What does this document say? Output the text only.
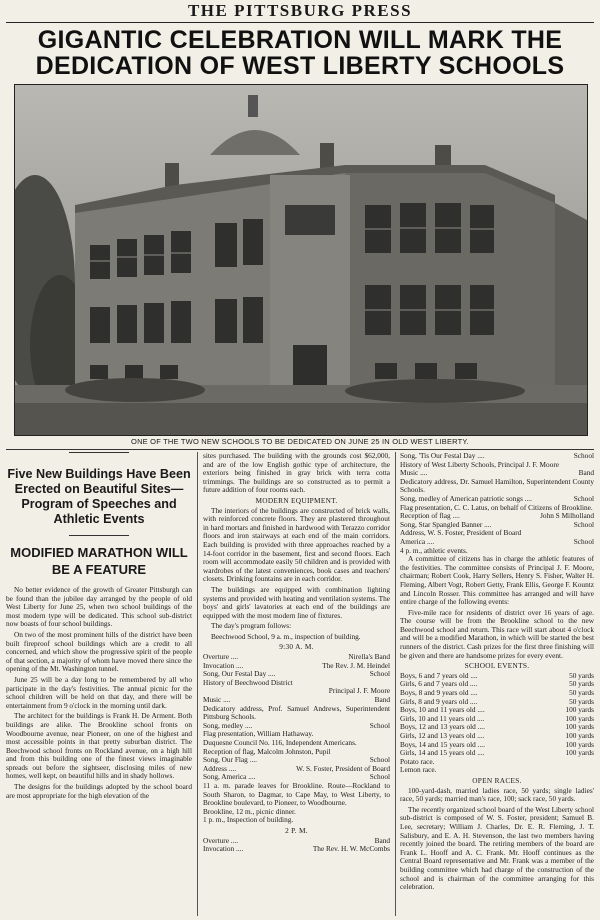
THE PITTSBURG PRESS
GIGANTIC CELEBRATION WILL MARK THE
DEDICATION OF WEST LIBERTY SCHOOLS
ONE OF THE TWO NEW SCHOOLS TO BE DEDICATED ON JUNE 25 IN OLD WEST LIBERTY.
Five New Buildings Have Been Erected on Beautiful Sites—Program of Speeches and Athletic Events
MODIFIED MARATHON WILL BE A FEATURE

No better evidence of the growth of Greater Pittsburgh can be found than the jubilee day arranged by the people of old West Liberty for June 25, when two school buildings of the most modern type will be dedicated. This school sub-district now boasts of four school buildings.

On two of the most prominent hills of the district have been built fireproof school buildings which are a credit to all concerned, and which show the progressive spirit of the people of that section, a majority of whom have moved there since the opening of the Mt. Washington tunnel.

June 25 will be a day long to be remembered by all who participate in the day's festivities. The annual picnic for the school children will be held on that day, and there will be entertainment from 9 o'clock in the morning until dark.

The architect for the buildings is Frank H. De Arment. Both buildings are alike. The Brookline school fronts on Woodbourne avenue, near Pioneer, on one of the highest and most accessible points in that pretty suburban district. The Beechwood school fronts on Rockland avenue, on a high hill and from this building one of the finest views imaginable spreads out before the sightseer, disclosing miles of new homes, well kept, on beautiful hills and in shady hollows.

The designs for the buildings adopted by the school board are most appropriate for the high elevation of the

sites purchased. The building with the grounds cost $62,000, and are of the low English gothic type of architecture, the exteriors being finished in gray brick with terra cotta trimmings. The buildings are so constructed as to permit a future addition of four rooms each.

MODERN EQUIPMENT.

The interiors of the buildings are constructed of brick walls, with reinforced concrete floors. They are plastered throughout in hard mortars and finished in hardwood with Terazzo corridor floors and iron stairways at each end of the main corridors. Each building is provided with three approaches reached by a 14-foot corridor in the basement, first and second floors. Each room will accommodate easily 50 children and is provided with wardrobes of the latest conveniences, book cases and teachers' closets. Drinking fountains are in each corridor.

The buildings are equipped with combination lighting systems and provided with heating and ventilation systems. The boys' and girls' lavatories at each end of the buildings are equipped with the most modern line of fixtures.

The day's program follows:

Beechwood School, 9 a. m., inspection of building.

9:30 A. M.
Overture ....	Nirella's Band
Invocation ....	The Rev. J. M. Heindel
Song, Our Festal Day ....	School
History of Beechwood District
Principal J. F. Moore
Music ....	Band
Dedicatory address, Prof. Samuel Andrews, Superintendent Pittsburg Schools.
Song, medley ....	School
Flag presentation, William Hathaway.
Duquesne Council No. 116, Independent Americans.
Reception of flag, Malcolm Johnston, Pupil
Song, Our Flag ....	School
Address ....	W. S. Foster, President of Board
Song, America ....	School
11 a. m. parade leaves for Brookline. Route—Rockland to South Sharon, to Dagmar, to Cape May, to West Liberty, to Brookline boulevard, to Pioneer, to Woodbourne.
Brookline, 12 m., picnic dinner.
1 p. m., Inspection of building.
2 P. M.
Overture ....	Band
Invocation ....	The Rev. H. W. McCombs
Song, 'Tis Our Festal Day ....	School
History of West Liberty Schools, Principal J. F. Moore
Music ....	Band
Dedicatory address, Dr. Samuel Hamilton, Superintendent County Schools.
Song, medley of American patriotic songs ....	School
Flag presentation, C. C. Latus, on behalf of Citizens of Brookline.
Reception of flag ....	John S Milholland
Song, Star Spangled Banner ....	School
Address, W. S. Foster, President of Board
America ....	School
4 p. m., athletic events.

A committee of citizens has in charge the athletic features of the festivities. The committee consists of Principal J. F. Moore, chairman; Robert Cook, Harry Sellers, Henry S. Fisher, Walter H. Fleming, Albert Vogt, Robert Getty, Frank Ellis, George F. Kountz and Lincoln Rosser. This committee has arranged and will have entire charge of the following events:

Five-mile race for residents of district over 16 years of age. The course will be from the Brookline school to the new Beechwood school and return. This race will start about 4 o'clock and will be a modified Marathon, in which will be started the best runners of the district. Cash prizes for the first three finishing will be given and there are handsome prizes for every event.

SCHOOL EVENTS.
Boys, 6 and 7 years old ....	50 yards
Girls, 6 and 7 years old ....	50 yards
Boys, 8 and 9 years old ....	50 yards
Girls, 8 and 9 years old ....	50 yards
Boys, 10 and 11 years old ....	100 yards
Girls, 10 and 11 years old ....	100 yards
Boys, 12 and 13 years old ....	100 yards
Girls, 12 and 13 years old ....	100 yards
Boys, 14 and 15 years old ....	100 yards
Girls, 14 and 15 years old ....	100 yards
Potato race.
Lemon race.
OPEN RACES.

100-yard-dash, married ladies race, 50 yards; single ladies' race, 50 yards; married man's race, 100; sack race, 50 yards.

The recently organized school board of the West Liberty school sub-district is composed of W. S. Foster, president; Samuel B. Lee, secretary; William J. Charles, Dr. E. R. Fleming, J. T. Salisbury, and E. A. H. Stevenson, the last two members having recently joined the board. The retiring members of the board are Frank L. Hooff and A. C. Frank. Mr. Hooff continues as the Central Board representative and Mr. Frank was a member of the building committee which had charge of the construction of the school and is chairman of the committee arranging for this celebration.
